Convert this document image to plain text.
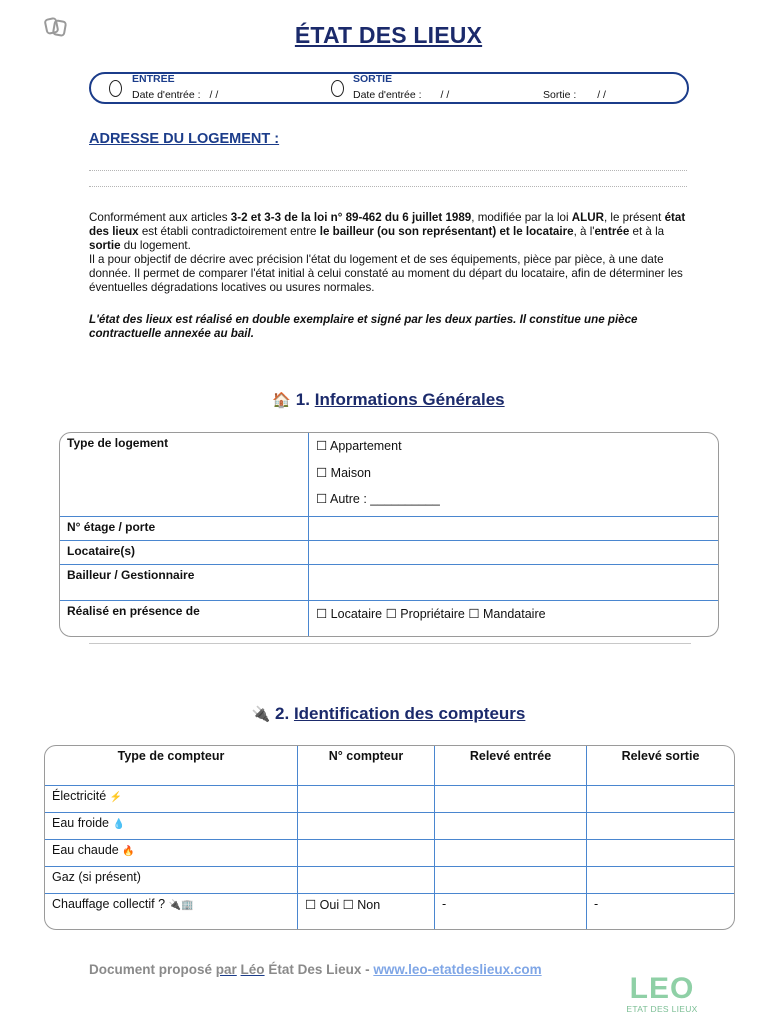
ÉTAT DES LIEUX
ENTRÉE
Date d'entrée : / /
SORTIE
Date d'entrée : / /	Sortie : / /
ADRESSE DU LOGEMENT :
Conformément aux articles 3-2 et 3-3 de la loi n° 89-462 du 6 juillet 1989, modifiée par la loi ALUR, le présent état des lieux est établi contradictoirement entre le bailleur (ou son représentant) et le locataire, à l'entrée et à la sortie du logement.
Il a pour objectif de décrire avec précision l'état du logement et de ses équipements, pièce par pièce, à une date donnée. Il permet de comparer l'état initial à celui constaté au moment du départ du locataire, afin de déterminer les éventuelles dégradations locatives ou usures normales.
L'état des lieux est réalisé en double exemplaire et signé par les deux parties. Il constitue une pièce contractuelle annexée au bail.
🏠 1. Informations Générales
Type de logement	☐ Appartement
☐ Maison
☐ Autre : __________

N° étage / porte	
Locataire(s)	
Bailleur / Gestionnaire	
Réalisé en présence de	☐ Locataire ☐ Propriétaire ☐ Mandataire
🔌 2. Identification des compteurs
Type de compteur	N° compteur	Relevé entrée	Relevé sortie
Électricité ⚡			
Eau froide 💧			
Eau chaude 🔥			
Gaz (si présent)			
Chauffage collectif ? 🔌🏢	☐ Oui ☐ Non	-	-
Document proposé par Léo État Des Lieux - www.leo-etatdeslieux.com
LEO
ETAT DES LIEUX
